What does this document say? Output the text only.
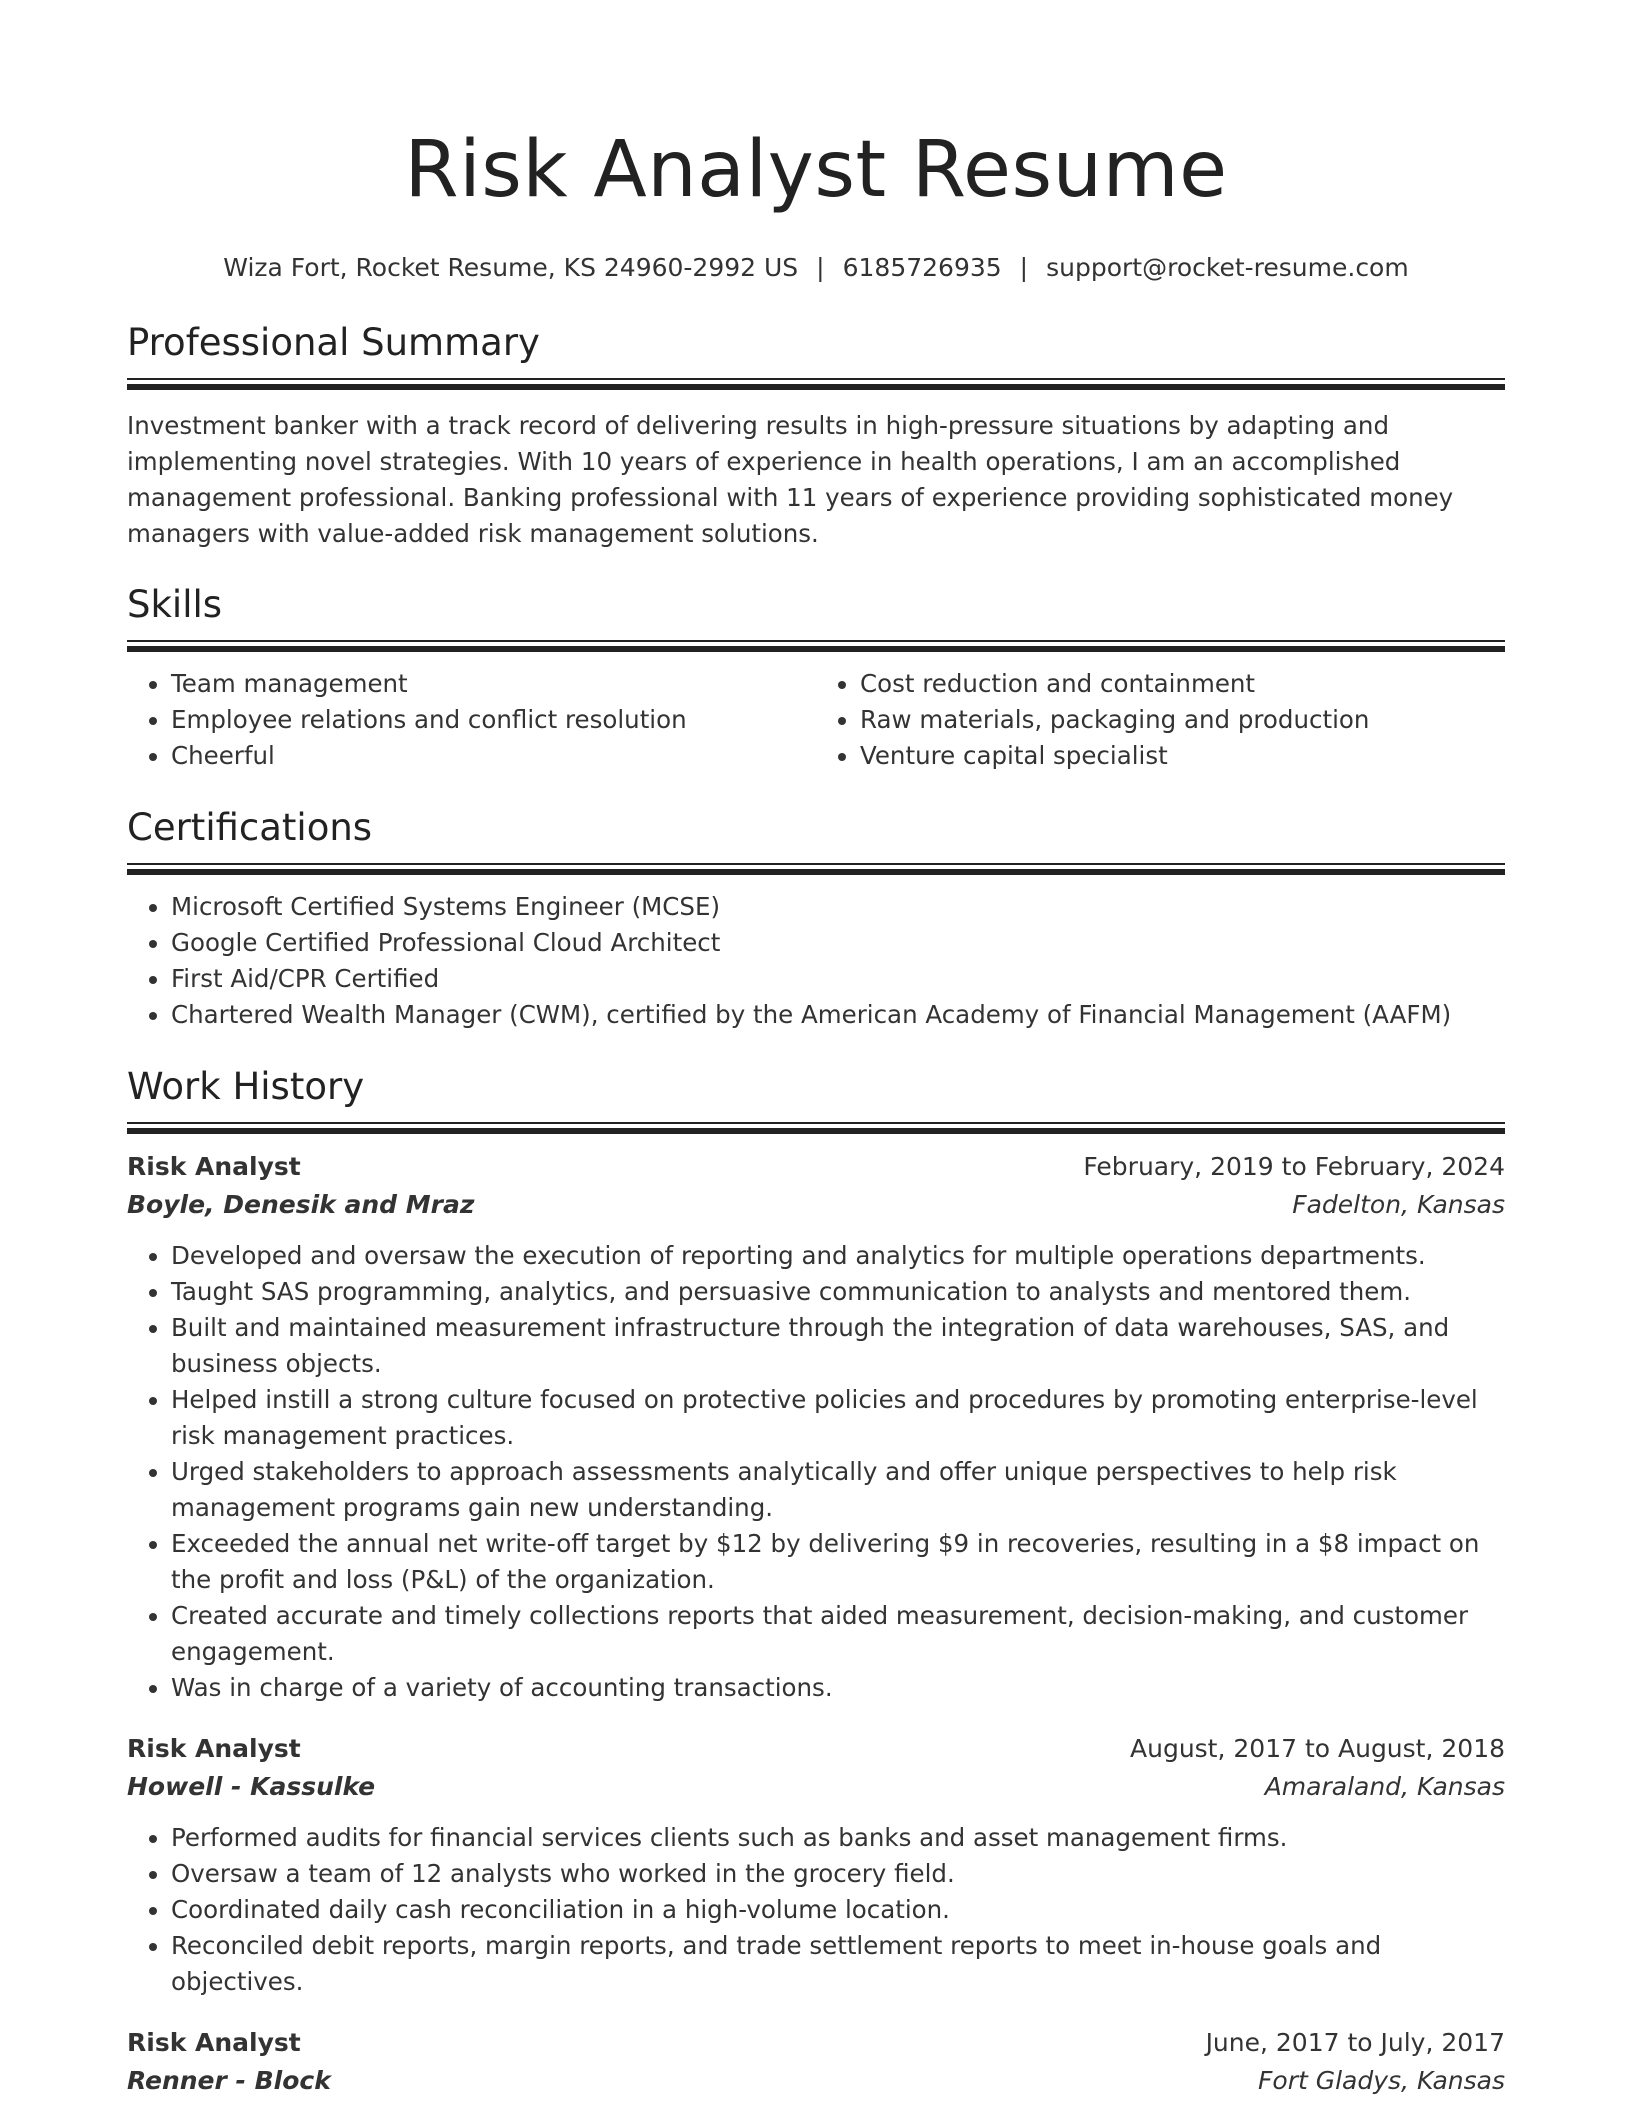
Risk Analyst Resume
Wiza Fort, Rocket Resume, KS 24960-2992 US | 6185726935 | support@rocket-resume.com
Professional Summary

Investment banker with a track record of delivering results in high-pressure situations by adapting and implementing novel strategies. With 10 years of experience in health operations, I am an accomplished management professional. Banking professional with 11 years of experience providing sophisticated money managers with value-added risk management solutions.

Skills
• Team management
• Employee relations and conflict resolution
• Cheerful
• Cost reduction and containment
• Raw materials, packaging and production
• Venture capital specialist
Certifications
• Microsoft Certified Systems Engineer (MCSE)
• Google Certified Professional Cloud Architect
• First Aid/CPR Certified
• Chartered Wealth Manager (CWM), certified by the American Academy of Financial Management (AAFM)
Work History
Risk Analyst	February, 2019 to February, 2024
Boyle, Denesik and Mraz	Fadelton, Kansas
• Developed and oversaw the execution of reporting and analytics for multiple operations departments.
• Taught SAS programming, analytics, and persuasive communication to analysts and mentored them.
• Built and maintained measurement infrastructure through the integration of data warehouses, SAS, and business objects.
• Helped instill a strong culture focused on protective policies and procedures by promoting enterprise-level risk management practices.
• Urged stakeholders to approach assessments analytically and offer unique perspectives to help risk management programs gain new understanding.
• Exceeded the annual net write-off target by $12 by delivering $9 in recoveries, resulting in a $8 impact on the profit and loss (P&L) of the organization.
• Created accurate and timely collections reports that aided measurement, decision-making, and customer engagement.
• Was in charge of a variety of accounting transactions.
Risk Analyst	August, 2017 to August, 2018
Howell - Kassulke	Amaraland, Kansas
• Performed audits for financial services clients such as banks and asset management firms.
• Oversaw a team of 12 analysts who worked in the grocery field.
• Coordinated daily cash reconciliation in a high-volume location.
• Reconciled debit reports, margin reports, and trade settlement reports to meet in-house goals and objectives.
Risk Analyst	June, 2017 to July, 2017
Renner - Block	Fort Gladys, Kansas
